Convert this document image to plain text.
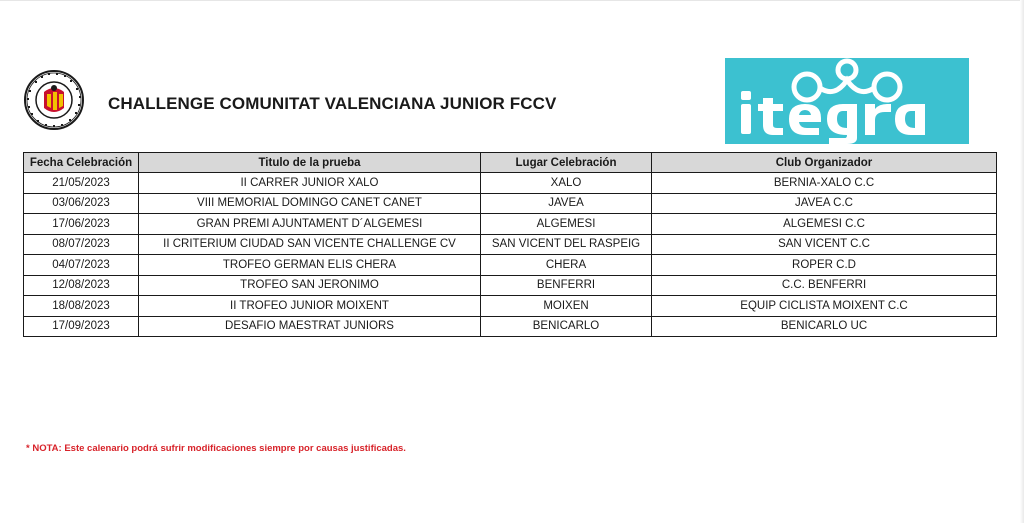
CHALLENGE COMUNITAT VALENCIANA JUNIOR FCCV
Fecha Celebración	Titulo de la prueba	Lugar Celebración	Club Organizador
21/05/2023	II CARRER JUNIOR XALO	XALO	BERNIA-XALO C.C
03/06/2023	VIII MEMORIAL DOMINGO CANET CANET	JAVEA	JAVEA C.C
17/06/2023	GRAN PREMI AJUNTAMENT D´ALGEMESI	ALGEMESI	ALGEMESI C.C
08/07/2023	II CRITERIUM CIUDAD SAN VICENTE CHALLENGE CV	SAN VICENT DEL RASPEIG	SAN VICENT C.C
04/07/2023	TROFEO GERMAN ELIS CHERA	CHERA	ROPER C.D
12/08/2023	TROFEO SAN JERONIMO	BENFERRI	C.C. BENFERRI
18/08/2023	II TROFEO JUNIOR MOIXENT	MOIXEN	EQUIP CICLISTA MOIXENT C.C
17/09/2023	DESAFIO MAESTRAT JUNIORS	BENICARLO	BENICARLO UC
* NOTA: Este calenario podrá sufrir modificaciones siempre por causas justificadas.
